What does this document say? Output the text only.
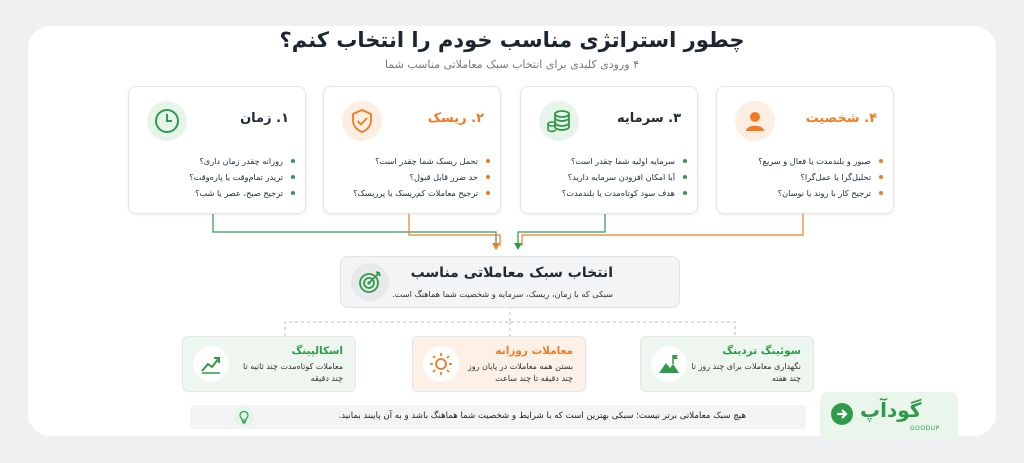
چطور استراتژی مناسب خودم را انتخاب کنم؟
۴ ورودی کلیدی برای انتخاب سبک معاملاتی مناسب شما
۴. شخصیت
صبور و بلندمدت یا فعال و سریع؟
تحلیل‌گرا یا عمل‌گرا؟
ترجیح کار با روند یا نوسان؟
۳. سرمایه
سرمایه اولیه شما چقدر است؟
آیا امکان افزودن سرمایه دارید؟
هدف سود کوتاه‌مدت یا بلندمدت؟
۲. ریسک
تحمل ریسک شما چقدر است؟
حد ضرر قابل قبول؟
ترجیح معاملات کم‌ریسک یا پرریسک؟
۱. زمان
روزانه چقدر زمان داری؟
تریدر تمام‌وقت یا پاره‌وقت؟
ترجیح صبح، عصر یا شب؟
انتخاب سبک معاملاتی مناسب
سبکی که با زمان، ریسک، سرمایه و شخصیت شما هماهنگ است.
سوئینگ تردینگ
نگهداری معاملات برای چند روز تا چند هفته
معاملات روزانه
بستن همه معاملات در پایان روز چند دقیقه تا چند ساعت
اسکالپینگ
معاملات کوتاه‌مدت چند ثانیه تا چند دقیقه
هیچ سبک معاملاتی برتر نیست؛ سبکی بهترین است که با شرایط و شخصیت شما هماهنگ باشد و به آن پایبند بمانید.	گودآپ
GOODUP
